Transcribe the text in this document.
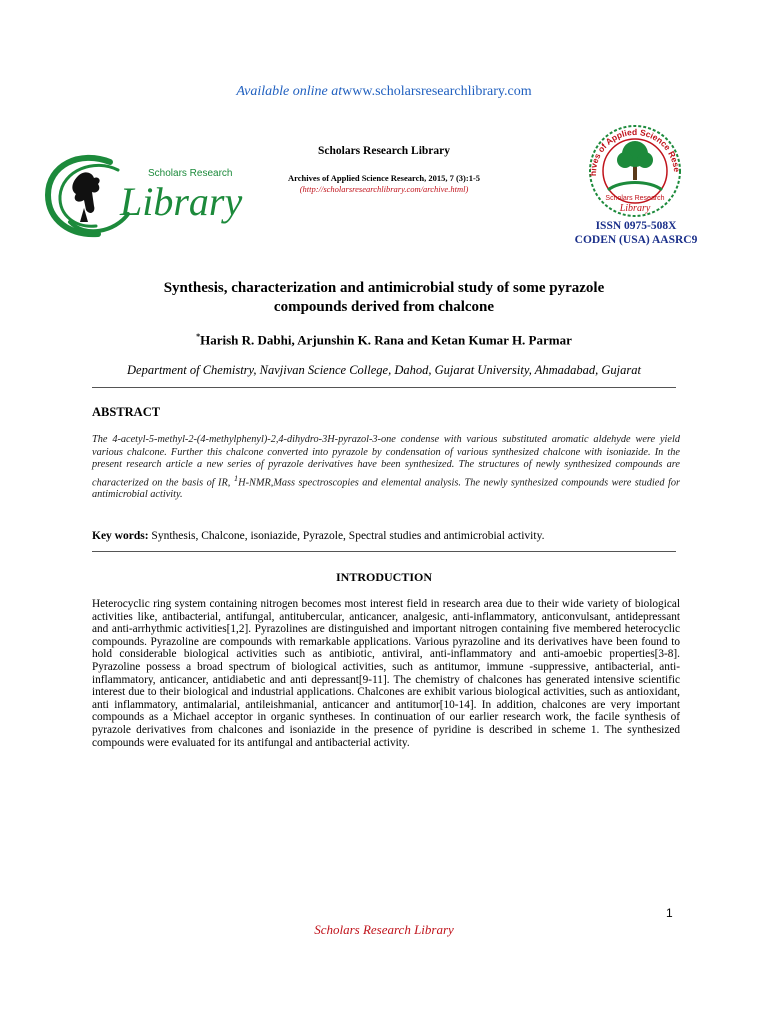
Available online atwww.scholarsresearchlibrary.com
Scholars Research
Library
Scholars Research Library
Archives of Applied Science Research, 2015, 7 (3):1-5
(http://scholarsresearchlibrary.com/archive.html)
hives of Applied Science Rese
Scholars Research
Library
ISSN 0975-508X
CODEN (USA) AASRC9
Synthesis, characterization and antimicrobial study of some pyrazole
compounds derived from chalcone
*Harish R. Dabhi, Arjunshin K. Rana and Ketan Kumar H. Parmar
Department of Chemistry, Navjivan Science College, Dahod, Gujarat University, Ahmadabad, Gujarat
ABSTRACT
The 4-acetyl-5-methyl-2-(4-methylphenyl)-2,4-dihydro-3H-pyrazol-3-one condense with various substituted aromatic aldehyde were yield various chalcone. Further this chalcone converted into pyrazole by condensation of various synthesized chalcone with isoniazide. In the present research article a new series of pyrazole derivatives have been synthesized. The structures of newly synthesized compounds are characterized on the basis of IR, $^1$H-NMR,Mass spectroscopies and elemental analysis. The newly synthesized compounds were studied for antimicrobial activity.
Key words: Synthesis, Chalcone, isoniazide, Pyrazole, Spectral studies and antimicrobial activity.
INTRODUCTION
Heterocyclic ring system containing nitrogen becomes most interest field in research area due to their wide variety of biological activities like, antibacterial, antifungal, antitubercular, anticancer, analgesic, anti-inflammatory, anticonvulsant, antidepressant and anti-arrhythmic activities[1,2]. Pyrazolines are distinguished and important nitrogen containing five membered heterocyclic compounds. Pyrazoline are compounds with remarkable applications. Various pyrazoline and its derivatives have been found to hold considerable biological activities such as antibiotic, antiviral, anti-inflammatory and anti-amoebic properties[3-8]. Pyrazoline possess a broad spectrum of biological activities, such as antitumor, immune -suppressive, antibacterial, anti-inflammatory, anticancer, antidiabetic and anti depressant[9-11]. The chemistry of chalcones has generated intensive scientific interest due to their biological and industrial applications. Chalcones are exhibit various biological activities, such as antioxidant, anti inflammatory, antimalarial, antileishmanial, anticancer and antitumor[10-14]. In addition, chalcones are very important compounds as a Michael acceptor in organic syntheses. In continuation of our earlier research work, the facile synthesis of pyrazole derivatives from chalcones and isoniazide in the presence of pyridine is described in scheme 1. The synthesized compounds were evaluated for its antifungal and antibacterial activity.
1
Scholars Research Library
